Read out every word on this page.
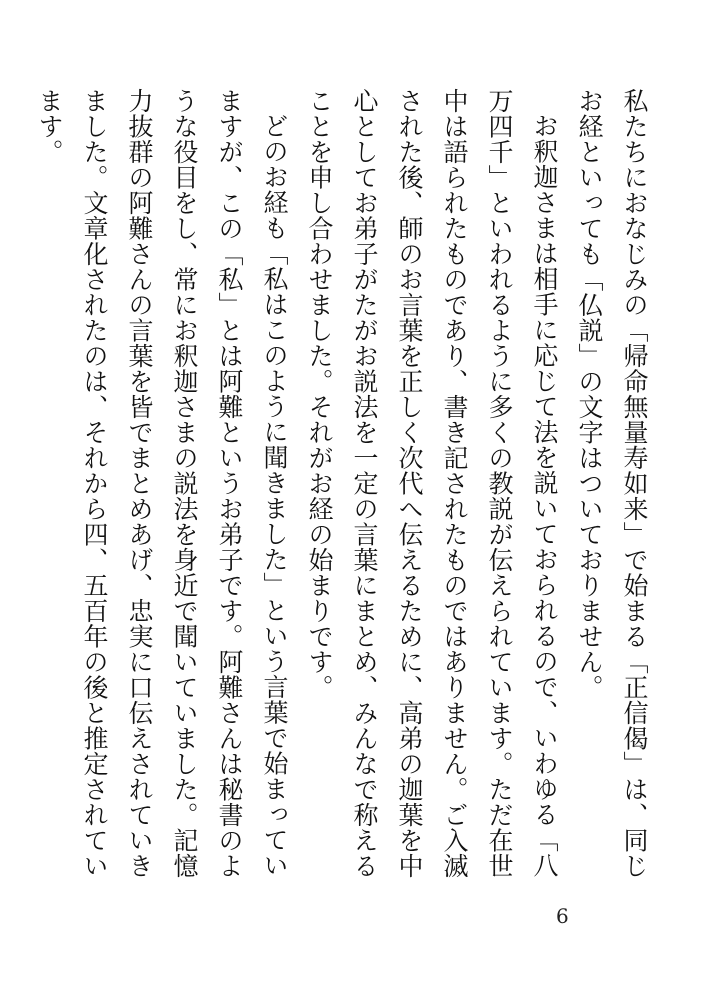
私たちにおなじみの「帰命無量寿如来」で始まる「正信偈」は、同じお経といっても「仏説」の文字はついておりません。

お釈迦さまは相手に応じて法を説いておられるので、いわゆる「八万四千」といわれるように多くの教説が伝えられています。ただ在世中は語られたものであり、書き記されたものではありません。ご入滅された後、師のお言葉を正しく次代へ伝えるために、高弟の迦葉を中心としてお弟子がたがお説法を一定の言葉にまとめ、みんなで称えることを申し合わせました。それがお経の始まりです。

どのお経も「私はこのように聞きました」という言葉で始まっていますが、この「私」とは阿難というお弟子です。阿難さんは秘書のような役目をし、常にお釈迦さまの説法を身近で聞いていました。記憶力抜群の阿難さんの言葉を皆でまとめあげ、忠実に口伝えされていきました。文章化されたのは、それから四、五百年の後と推定されています。

6
